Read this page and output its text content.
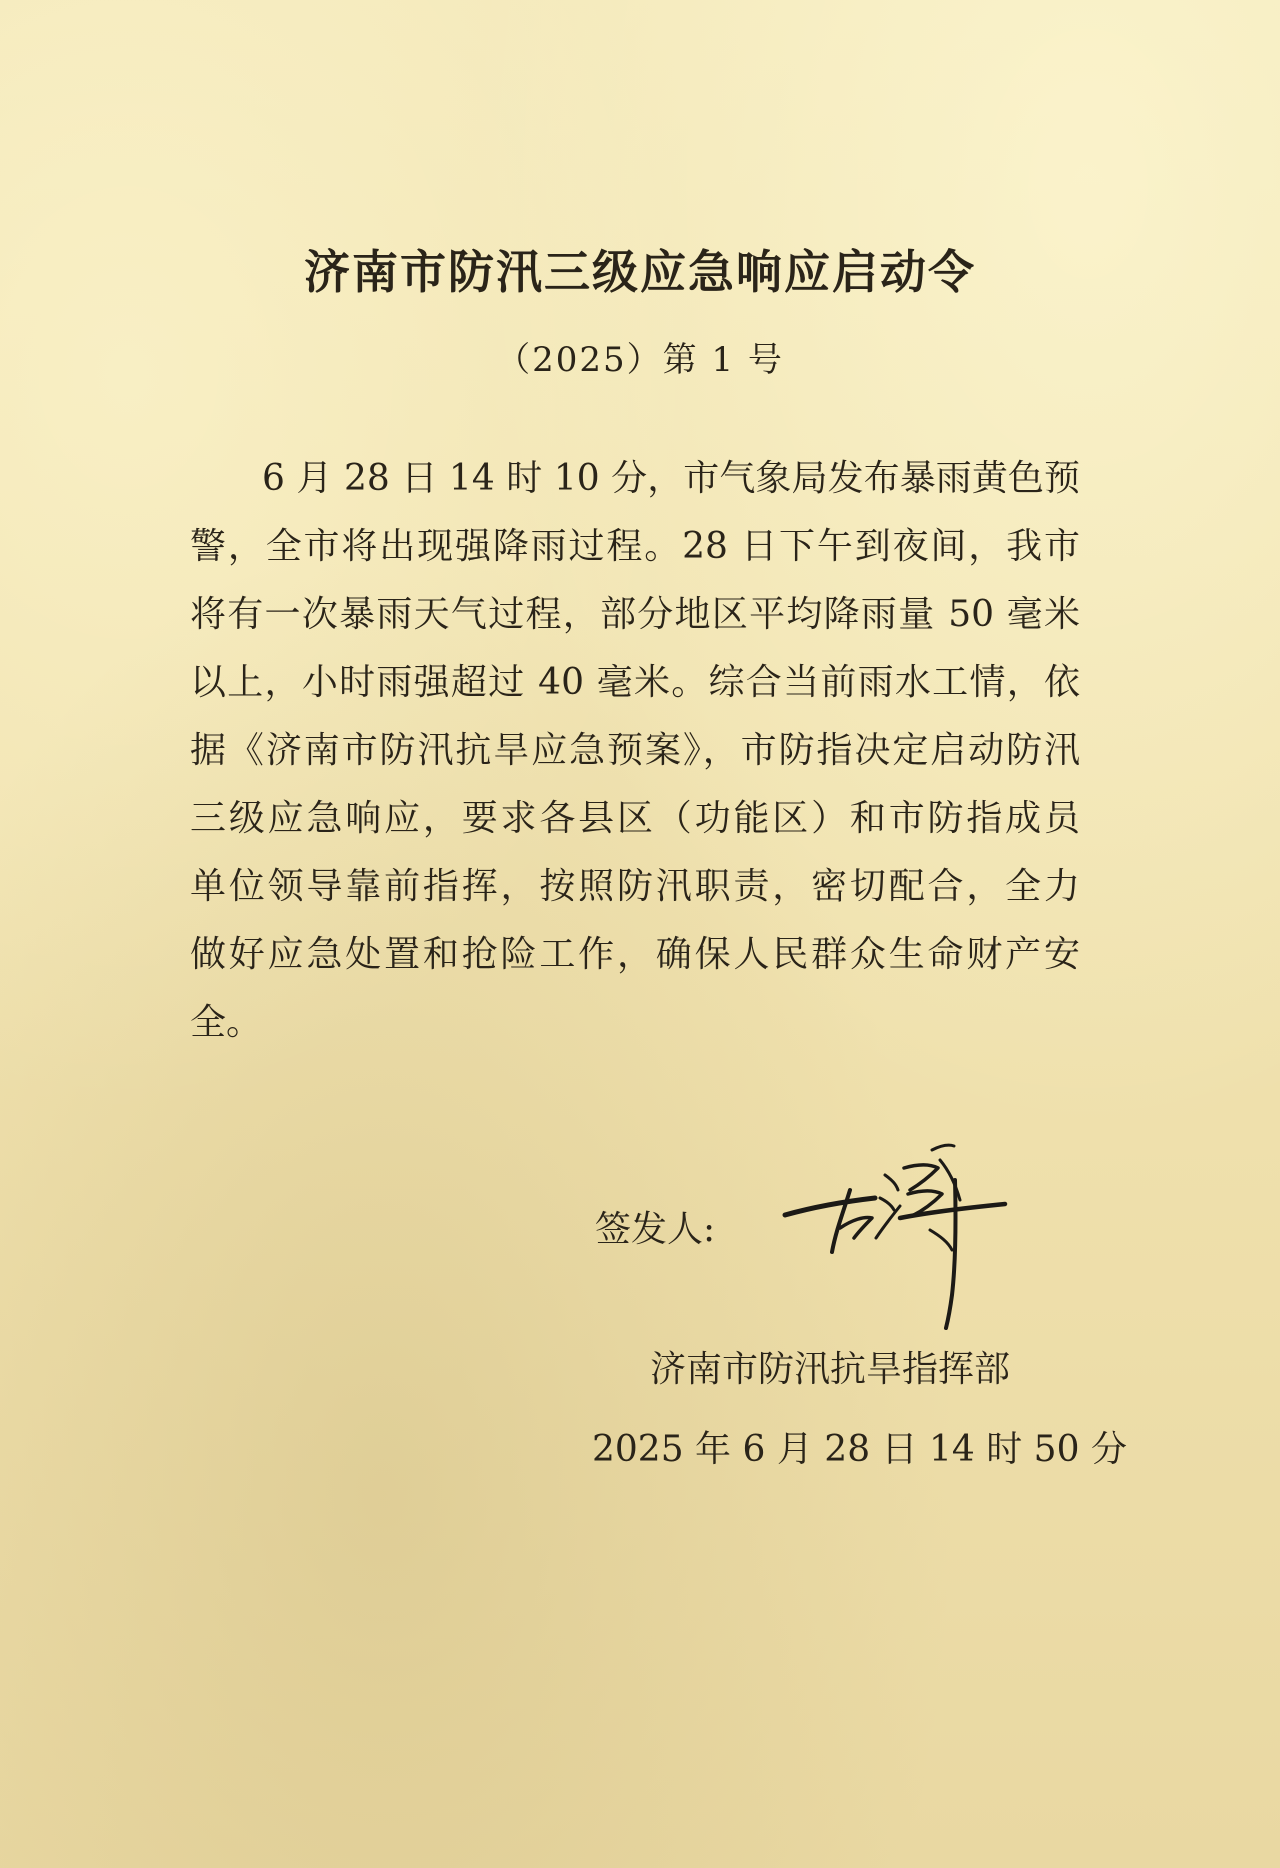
济南市防汛三级应急响应启动令
（2025）第 1 号
6 月 28 日 14 时 10 分，市气象局发布暴雨黄色预
警，全市将出现强降雨过程。28 日下午到夜间，我市
将有一次暴雨天气过程，部分地区平均降雨量 50 毫米
以上，小时雨强超过 40 毫米。综合当前雨水工情，依
据《济南市防汛抗旱应急预案》，市防指决定启动防汛
三级应急响应，要求各县区（功能区）和市防指成员
单位领导靠前指挥，按照防汛职责，密切配合，全力
做好应急处置和抢险工作，确保人民群众生命财产安
全。
签发人:
济南市防汛抗旱指挥部
2025 年 6 月 28 日 14 时 50 分
